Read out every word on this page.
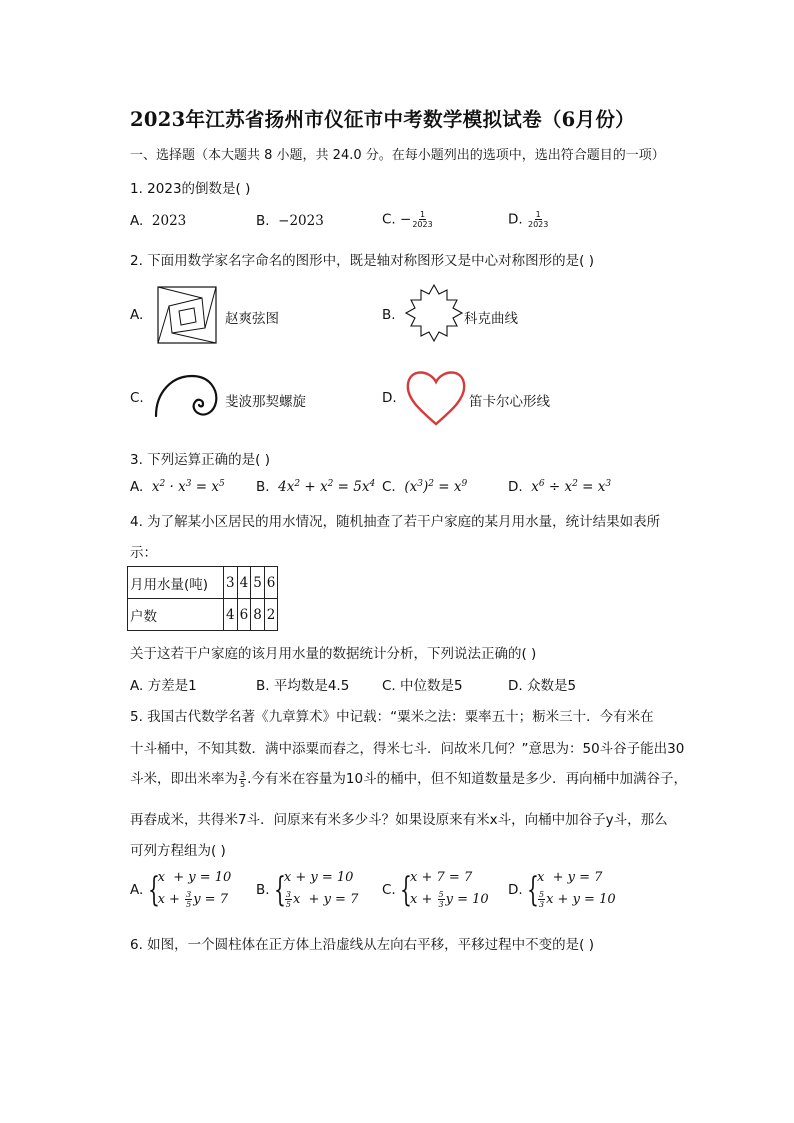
2023年江苏省扬州市仪征市中考数学模拟试卷（6月份）
一、选择题（本大题共 8 小题，共 24.0 分。在每小题列出的选项中，选出符合题目的一项）
1. 2023的倒数是( )
A. 2023	B. −2023	C. − $\frac{1}{2023}$	D. $\frac{1}{2023}$
2. 下面用数学家名字命名的图形中，既是轴对称图形又是中心对称图形的是( )
A.	赵爽弦图	B.	科克曲线
C.	斐波那契螺旋	D.	笛卡尔心形线
3. 下列运算正确的是( )
A. $x^2 \cdot x^3 = x^5$ B. $4x^2 + x^2 = 5x^4$ C. $(x^3)^2 = x^9$	D. $x^6 \div x^2 = x^3$
4. 为了解某小区居民的用水情况，随机抽查了若干户家庭的某月用水量，统计结果如表所
示：
月用水量(吨)	3	4	5	6
户数	4	6	8	2
关于这若干户家庭的该月用水量的数据统计分析，下列说法正确的( )
A. 方差是1	B. 平均数是4.5 C. 中位数是5	D. 众数是5
5. 我国古代数学名著《九章算术》中记载：“粟米之法：粟率五十；粝米三十．今有米在
十斗桶中，不知其数．满中添粟而舂之，得米七斗．问故米几何？”意思为：50斗谷子能出30
斗米，即出米率为 $\frac{3}{5}$ .今有米在容量为10斗的桶中，但不知道数量是多少．再向桶中加满谷子，
再舂成米，共得米7斗．问原来有米多少斗？如果设原来有米x斗，向桶中加谷子y斗，那么
可列方程组为( )
A. {
x  + y = 10
$x + \frac{3}{5}$ y = 7
B. {
x + y = 10
$\frac{3}{5}$ x  + y = 7
C. {
x + 7 = 7
$x + \frac{5}{3}$ y = 10
D. {
x  + y = 7
$\frac{5}{3}$ x + y = 10
6. 如图，一个圆柱体在正方体上沿虚线从左向右平移，平移过程中不变的是( )
